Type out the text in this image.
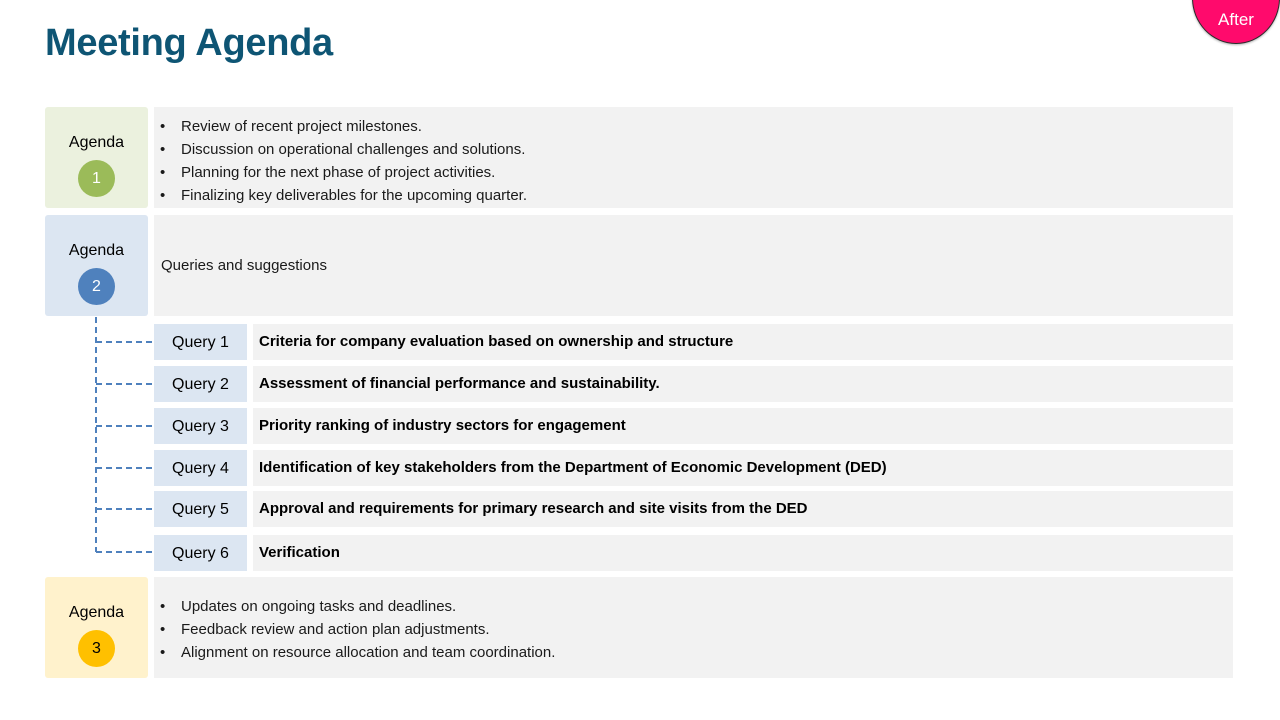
Meeting Agenda
After
Agenda
1
• Review of recent project milestones.
• Discussion on operational challenges and solutions.
• Planning for the next phase of project activities.
• Finalizing key deliverables for the upcoming quarter.
Agenda
2
Queries and suggestions
Query 1	Criteria for company evaluation based on ownership and structure
Query 2	Assessment of financial performance and sustainability.
Query 3	Priority ranking of industry sectors for engagement
Query 4	Identification of key stakeholders from the Department of Economic Development (DED)
Query 5	Approval and requirements for primary research and site visits from the DED
Query 6	Verification
Agenda
3
• Updates on ongoing tasks and deadlines.
• Feedback review and action plan adjustments.
• Alignment on resource allocation and team coordination.
